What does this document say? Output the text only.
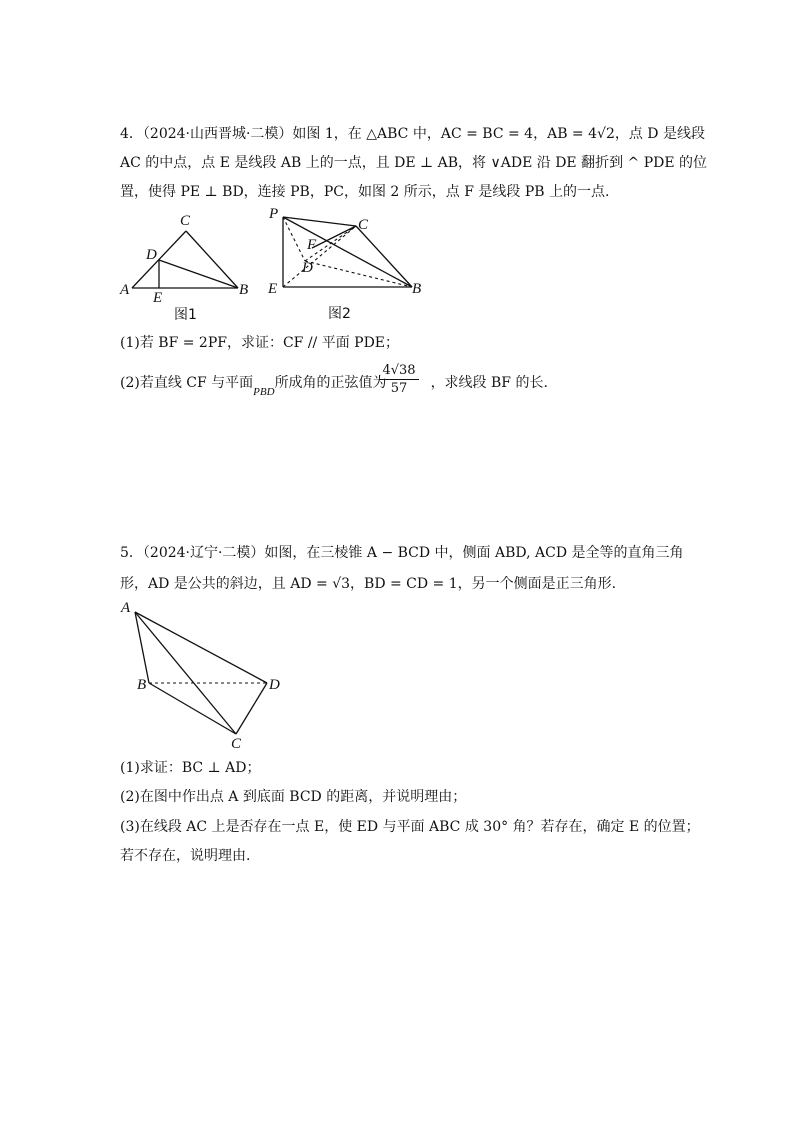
4．（2024·山西晋城·二模）如图 1，在 △ABC 中，AC = BC = 4，AB = 4√2，点 D 是线段
AC 的中点，点 E 是线段 AB 上的一点，且 DE ⊥ AB，将 ∨ADE 沿 DE 翻折到 ^ PDE 的位
置，使得 PE ⊥ BD，连接 PB，PC，如图 2 所示，点 F 是线段 PB 上的一点.
C
D
A E	B
图1
P
C
F
D
E	B
图2
(1)若 BF = 2PF，求证：CF // 平面 PDE；
(2)若直线 CF 与平面$_{PBD}$所成角的正弦值为	，求线段 BF 的长.
$\frac{4√38}{57}$
5．（2024·辽宁·二模）如图，在三棱锥 A − BCD 中，侧面 ABD, ACD 是全等的直角三角
形，AD 是公共的斜边，且 AD = √3，BD = CD = 1，另一个侧面是正三角形.
A
B	D
C
(1)求证：BC ⊥ AD；
(2)在图中作出点 A 到底面 BCD 的距离，并说明理由；
(3)在线段 AC 上是否存在一点 E，使 ED 与平面 ABC 成 30° 角？若存在，确定 E 的位置；
若不存在，说明理由.
